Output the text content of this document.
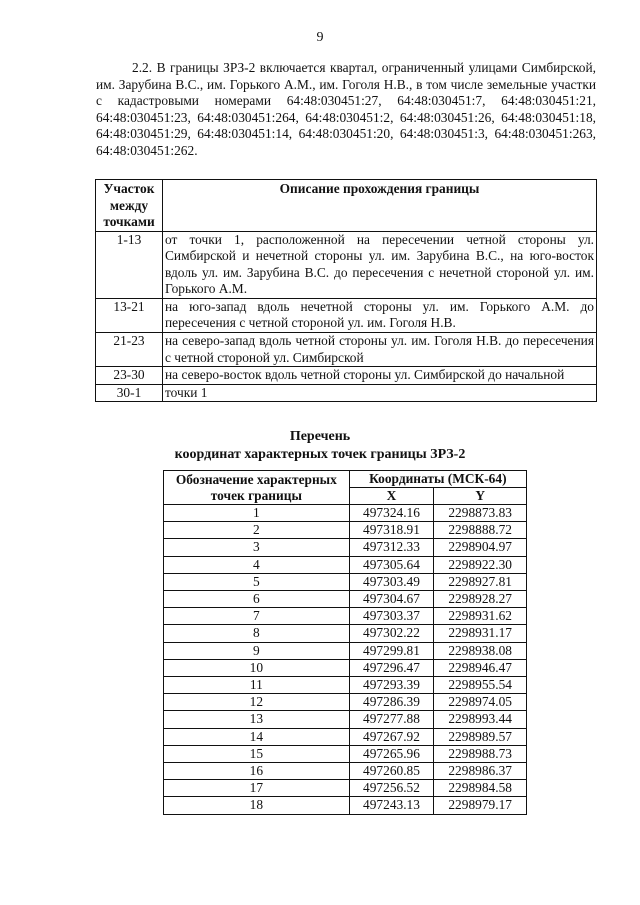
9
2.2. В границы ЗРЗ-2 включается квартал, ограниченный улицами Симбирской, им. Зарубина В.С., им. Горького А.М., им. Гоголя Н.В., в том числе земельные участки с кадастровыми номерами 64:48:030451:27, 64:48:030451:7, 64:48:030451:21, 64:48:030451:23, 64:48:030451:264, 64:48:030451:2, 64:48:030451:26, 64:48:030451:18, 64:48:030451:29, 64:48:030451:14, 64:48:030451:20, 64:48:030451:3, 64:48:030451:263, 64:48:030451:262.
Участок между точками	Описание прохождения границы
1-13	от точки 1, расположенной на пересечении четной стороны ул. Симбирской и нечетной стороны ул. им. Зарубина В.С., на юго-восток вдоль ул. им. Зарубина В.С. до пересечения с нечетной стороной ул. им. Горького А.М.
13-21	на юго-запад вдоль нечетной стороны ул. им. Горького А.М. до пересечения с четной стороной ул. им. Гоголя Н.В.
21-23	на северо-запад вдоль четной стороны ул. им. Гоголя Н.В. до пересечения с четной стороной ул. Симбирской
23-30	на северо-восток вдоль четной стороны ул. Симбирской до начальной
30-1	точки 1
Перечень
координат характерных точек границы ЗРЗ-2
Обозначение характерных точек границы	Координаты (МСК-64)	
	X	Y
1	497324.16	2298873.83
2	497318.91	2298888.72
3	497312.33	2298904.97
4	497305.64	2298922.30
5	497303.49	2298927.81
6	497304.67	2298928.27
7	497303.37	2298931.62
8	497302.22	2298931.17
9	497299.81	2298938.08
10	497296.47	2298946.47
11	497293.39	2298955.54
12	497286.39	2298974.05
13	497277.88	2298993.44
14	497267.92	2298989.57
15	497265.96	2298988.73
16	497260.85	2298986.37
17	497256.52	2298984.58
18	497243.13	2298979.17
